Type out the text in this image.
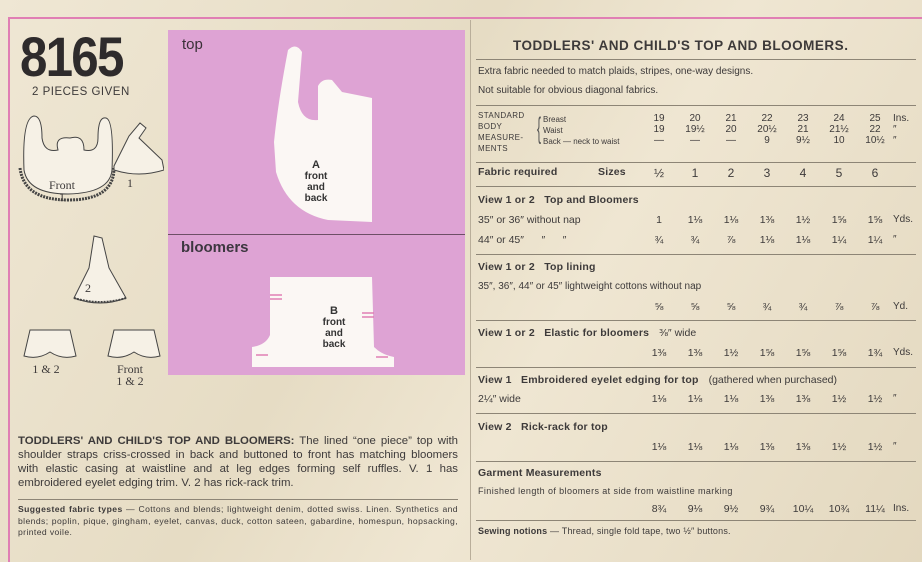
8165
2 PIECES GIVEN
Front
1
1
2
1 & 2	Front
1 & 2
top
A
front
and
back
bloomers
B
front
and
back
TODDLERS' AND CHILD'S TOP AND BLOOMERS: The lined “one piece” top with shoulder straps criss-crossed in back and buttoned to front has matching bloomers with elastic casing at waistline and at leg edges forming self ruffles. V. 1 has embroidered eyelet edging trim. V. 2 has rick-rack trim.
Suggested fabric types — Cottons and blends; lightweight denim, dotted swiss. Linen. Synthetics and blends; poplin, pique, gingham, eyelet, canvas, duck, cotton sateen, gabardine, homespun, hopsacking, printed voile.
TODDLERS' AND CHILD'S TOP AND BLOOMERS.
Extra fabric needed to match plaids, stripes, one-way designs.
Not suitable for obvious diagonal fabrics.
STANDARD
BODY
MEASURE-
MENTS
{ Breast
Waist
Back — neck to waist
19	20	21	22	23	24	25	Ins.
19	19½	20	20½	21	21½	22	″
—	—	—	9	9½	10	10½ ″
Fabric required	Sizes	½	1	2	3	4	5	6
View 1 or 2   Top and Bloomers
35″ or 36″ without nap	1	1⅛	1⅛	1⅜	1½	1⅝	1⅝	Yds.
44″ or 45″      ″      ″	¾	¾	⅞	1⅛	1⅛	1¼	1¼	″
View 1 or 2   Top lining
35″, 36″, 44″ or 45″ lightweight cottons without nap
⅝	⅝	⅝	¾	¾	⅞	⅞	Yd.
View 1 or 2   Elastic for bloomers ⅜″ wide
1⅜	1⅜	1½	1⅝	1⅝	1⅝	1¾	Yds.
View 1   Embroidered eyelet edging for top (gathered when purchased)
2¼″ wide	1⅛	1⅛	1⅛	1⅜	1⅜	1½	1½	″
View 2   Rick-rack for top
1⅛	1⅛	1⅛	1⅜	1⅜	1½	1½	″
Garment Measurements
Finished length of bloomers at side from waistline marking
8¾	9⅛	9½	9¾	10¼	10¾	11¼ Ins.
Sewing notions — Thread, single fold tape, two ½″ buttons.
